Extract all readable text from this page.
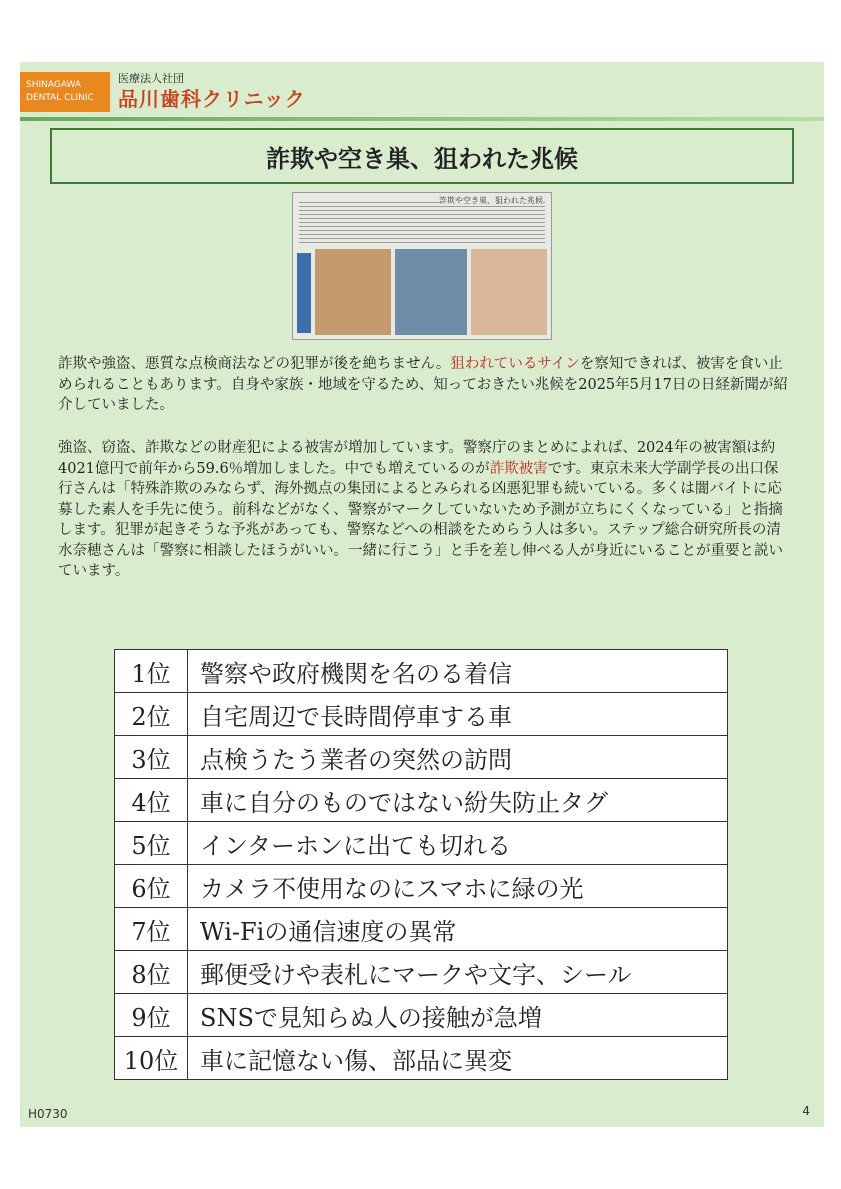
SHINAGAWA
DENTAL CLINIC
医療法人社団
品川歯科クリニック
詐欺や空き巣、狙われた兆候
詐欺や空き巣、狙われた兆候

詐欺や強盗、悪質な点検商法などの犯罪が後を絶ちません。狙われているサインを察知できれば、被害を食い止められることもあります。自身や家族・地域を守るため、知っておきたい兆候を2025年5月17日の日経新聞が紹介していました。

強盗、窃盗、詐欺などの財産犯による被害が増加しています。警察庁のまとめによれば、2024年の被害額は約4021億円で前年から59.6％増加しました。中でも増えているのが詐欺被害です。東京未来大学副学長の出口保行さんは「特殊詐欺のみならず、海外拠点の集団によるとみられる凶悪犯罪も続いている。多くは闇バイトに応募した素人を手先に使う。前科などがなく、警察がマークしていないため予測が立ちにくくなっている」と指摘します。犯罪が起きそうな予兆があっても、警察などへの相談をためらう人は多い。ステップ総合研究所長の清水奈穂さんは「警察に相談したほうがいい。一緒に行こう」と手を差し伸べる人が身近にいることが重要と説いています。

1位	警察や政府機関を名のる着信
2位	自宅周辺で長時間停車する車
3位	点検うたう業者の突然の訪問
4位	車に自分のものではない紛失防止タグ
5位	インターホンに出ても切れる
6位	カメラ不使用なのにスマホに緑の光
7位	Wi-Fiの通信速度の異常
8位	郵便受けや表札にマークや文字、シール
9位	SNSで見知らぬ人の接触が急増
10位	車に記憶ない傷、部品に異変
H0730	4
